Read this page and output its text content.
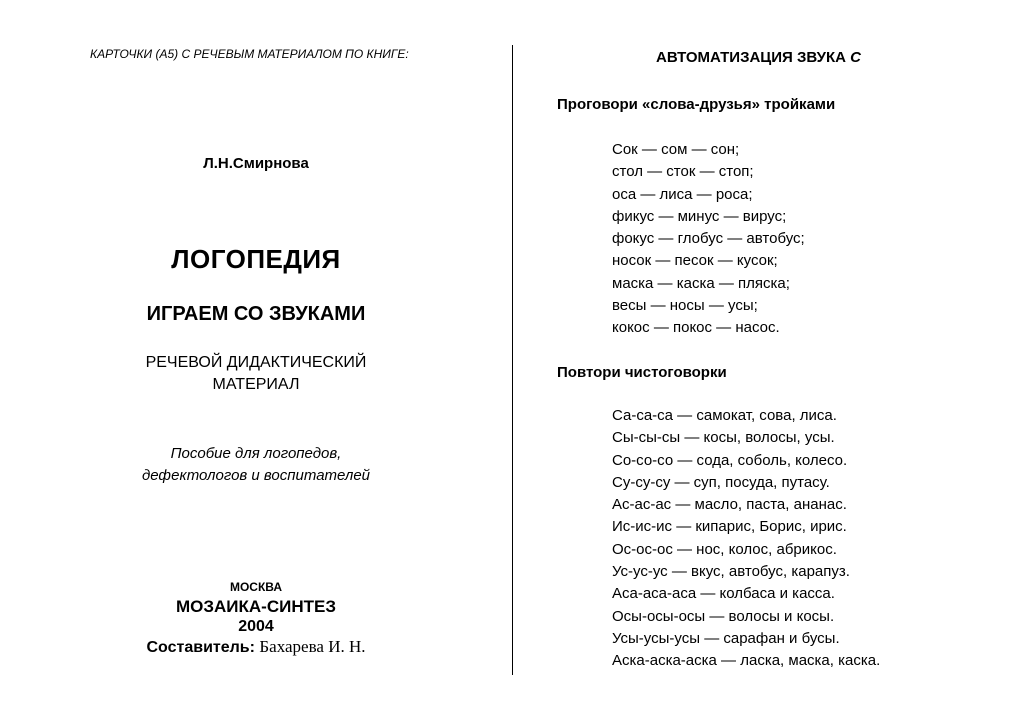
КАРТОЧКИ (А5) С РЕЧЕВЫМ МАТЕРИАЛОМ ПО КНИГЕ:
Л.Н.Смирнова
ЛОГОПЕДИЯ
ИГРАЕМ СО ЗВУКАМИ
РЕЧЕВОЙ ДИДАКТИЧЕСКИЙ
МАТЕРИАЛ
Пособие для логопедов,
дефектологов и воспитателей
МОСКВА
МОЗАИКА-СИНТЕЗ
2004
Составитель: Бахарева И. Н.
АВТОМАТИЗАЦИЯ ЗВУКА С
Проговори «слова-друзья» тройками
Сок — сом — сон;
стол — сток — стоп;
оса — лиса — роса;
фикус — минус — вирус;
фокус — глобус — автобус;
носок — песок — кусок;
маска — каска — пляска;
весы — носы — усы;
кокос — покос — насос.
Повтори чистоговорки
Са-са-са — самокат, сова, лиса.
Сы-сы-сы — косы, волосы, усы.
Со-со-со — сода, соболь, колесо.
Су-су-су — суп, посуда, путасу.
Ас-ас-ас — масло, паста, ананас.
Ис-ис-ис — кипарис, Борис, ирис.
Ос-ос-ос — нос, колос, абрикос.
Ус-ус-ус — вкус, автобус, карапуз.
Аса-аса-аса — колбаса и касса.
Осы-осы-осы — волосы и косы.
Усы-усы-усы — сарафан и бусы.
Аска-аска-аска — ласка, маска, каска.
